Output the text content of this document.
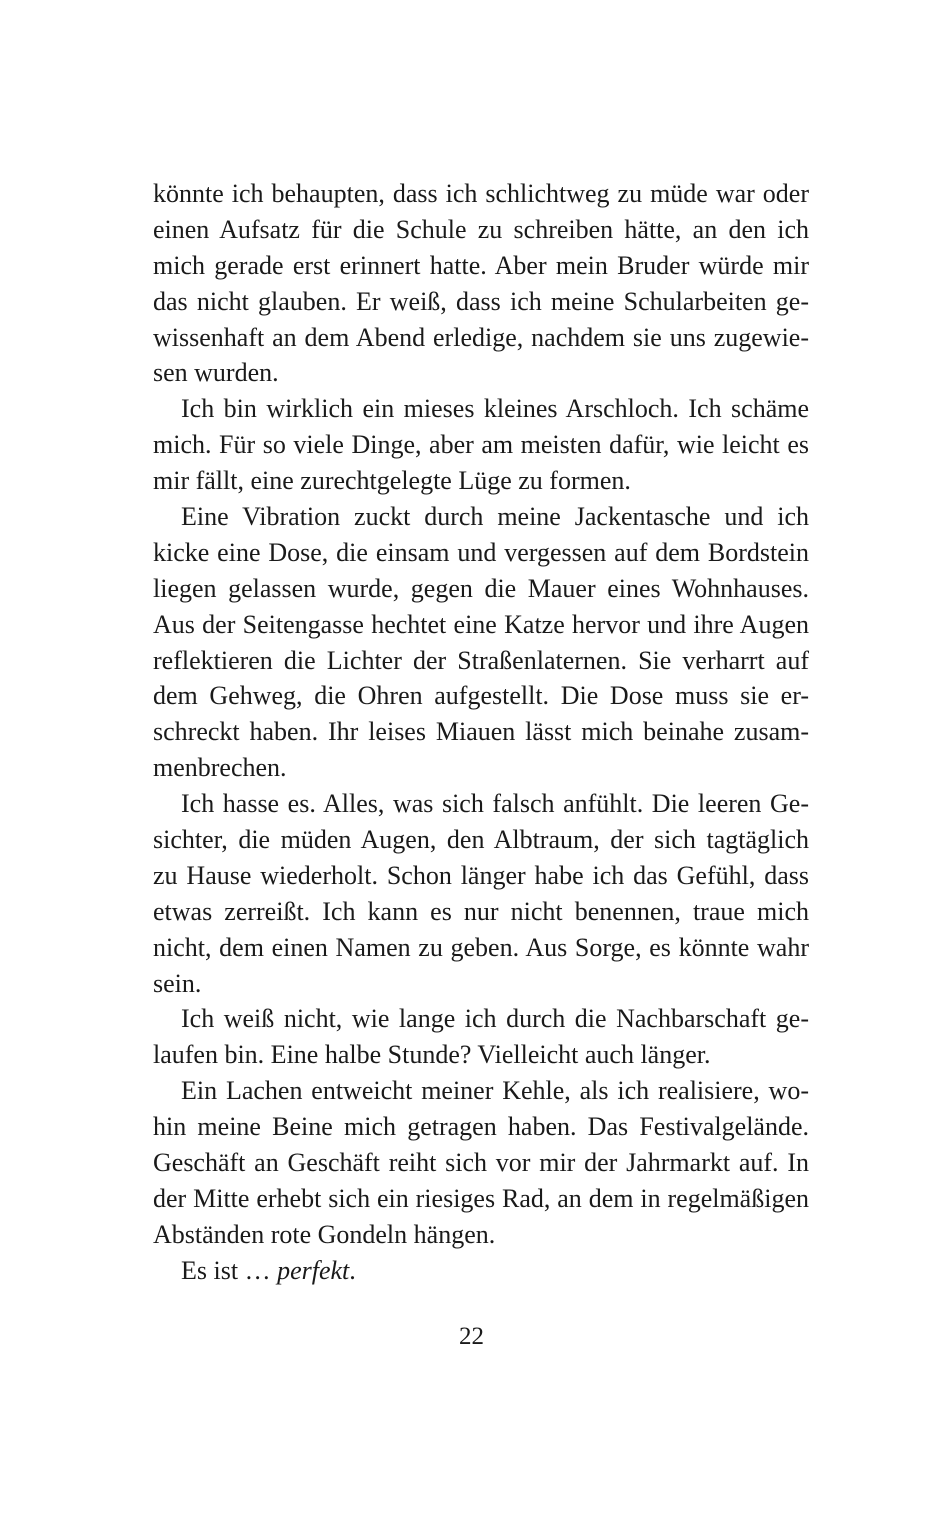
könnte ich behaupten, dass ich schlichtweg zu müde war oder
einen Aufsatz für die Schule zu schreiben hätte, an den ich
mich gerade erst erinnert hatte. Aber mein Bruder würde mir
das nicht glauben. Er weiß, dass ich meine Schularbeiten ge-
wissenhaft an dem Abend erledige, nachdem sie uns zugewie-
sen wurden.
Ich bin wirklich ein mieses kleines Arschloch. Ich schäme
mich. Für so viele Dinge, aber am meisten dafür, wie leicht es
mir fällt, eine zurechtgelegte Lüge zu formen.
Eine Vibration zuckt durch meine Jackentasche und ich
kicke eine Dose, die einsam und vergessen auf dem Bordstein
liegen gelassen wurde, gegen die Mauer eines Wohnhauses.
Aus der Seitengasse hechtet eine Katze hervor und ihre Augen
reflektieren die Lichter der Straßenlaternen. Sie verharrt auf
dem Gehweg, die Ohren aufgestellt. Die Dose muss sie er-
schreckt haben. Ihr leises Miauen lässt mich beinahe zusam-
menbrechen.
Ich hasse es. Alles, was sich falsch anfühlt. Die leeren Ge-
sichter, die müden Augen, den Albtraum, der sich tagtäglich
zu Hause wiederholt. Schon länger habe ich das Gefühl, dass
etwas zerreißt. Ich kann es nur nicht benennen, traue mich
nicht, dem einen Namen zu geben. Aus Sorge, es könnte wahr
sein.
Ich weiß nicht, wie lange ich durch die Nachbarschaft ge-
laufen bin. Eine halbe Stunde? Vielleicht auch länger.
Ein Lachen entweicht meiner Kehle, als ich realisiere, wo-
hin meine Beine mich getragen haben. Das Festivalgelände.
Geschäft an Geschäft reiht sich vor mir der Jahrmarkt auf. In
der Mitte erhebt sich ein riesiges Rad, an dem in regelmäßigen
Abständen rote Gondeln hängen.
Es ist … perfekt.
22
